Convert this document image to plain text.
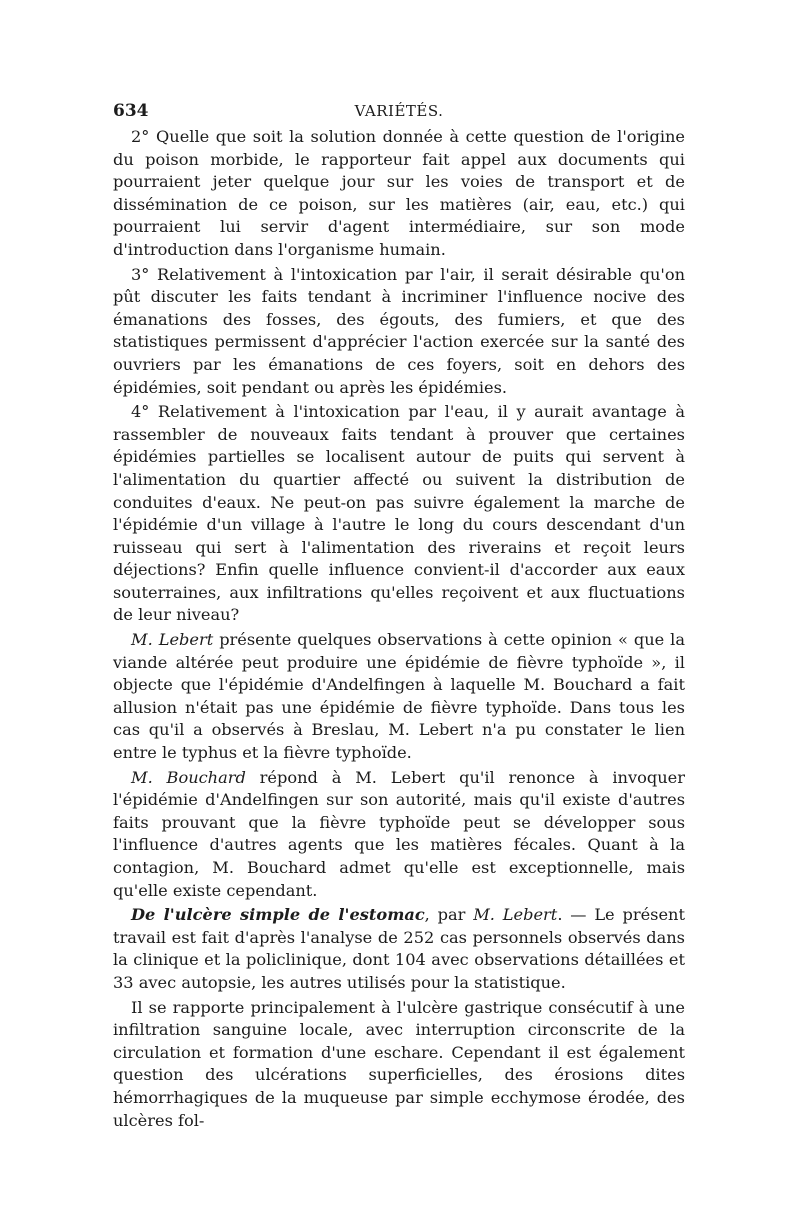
634	VARIÉTÉS.

2° Quelle que soit la solution donnée à cette question de l'origine du poison morbide, le rapporteur fait appel aux documents qui pourraient jeter quelque jour sur les voies de transport et de dissémination de ce poison, sur les matières (air, eau, etc.) qui pourraient lui servir d'agent intermédiaire, sur son mode d'introduction dans l'organisme humain.

3° Relativement à l'intoxication par l'air, il serait désirable qu'on pût discuter les faits tendant à incriminer l'influence nocive des émanations des fosses, des égouts, des fumiers, et que des statistiques permissent d'apprécier l'action exercée sur la santé des ouvriers par les émanations de ces foyers, soit en dehors des épidémies, soit pendant ou après les épidémies.

4° Relativement à l'intoxication par l'eau, il y aurait avantage à rassembler de nouveaux faits tendant à prouver que certaines épidémies partielles se localisent autour de puits qui servent à l'alimentation du quartier affecté ou suivent la distribution de conduites d'eaux. Ne peut-on pas suivre également la marche de l'épidémie d'un village à l'autre le long du cours descendant d'un ruisseau qui sert à l'alimentation des riverains et reçoit leurs déjections? Enfin quelle influence convient-il d'accorder aux eaux souterraines, aux infiltrations qu'elles reçoivent et aux fluctuations de leur niveau?

M. Lebert présente quelques observations à cette opinion « que la viande altérée peut produire une épidémie de fièvre typhoïde », il objecte que l'épidémie d'Andelfingen à laquelle M. Bouchard a fait allusion n'était pas une épidémie de fièvre typhoïde. Dans tous les cas qu'il a observés à Breslau, M. Lebert n'a pu constater le lien entre le typhus et la fièvre typhoïde.

M. Bouchard répond à M. Lebert qu'il renonce à invoquer l'épidémie d'Andelfingen sur son autorité, mais qu'il existe d'autres faits prouvant que la fièvre typhoïde peut se développer sous l'influence d'autres agents que les matières fécales. Quant à la contagion, M. Bouchard admet qu'elle est exceptionnelle, mais qu'elle existe cependant.

De l'ulcère simple de l'estomac, par M. Lebert. — Le présent travail est fait d'après l'analyse de 252 cas personnels observés dans la clinique et la policlinique, dont 104 avec observations détaillées et 33 avec autopsie, les autres utilisés pour la statistique.

Il se rapporte principalement à l'ulcère gastrique consécutif à une infiltration sanguine locale, avec interruption circonscrite de la circulation et formation d'une eschare. Cependant il est également question des ulcérations superficielles, des érosions dites hémorrhagiques de la muqueuse par simple ecchymose érodée, des ulcères fol-
